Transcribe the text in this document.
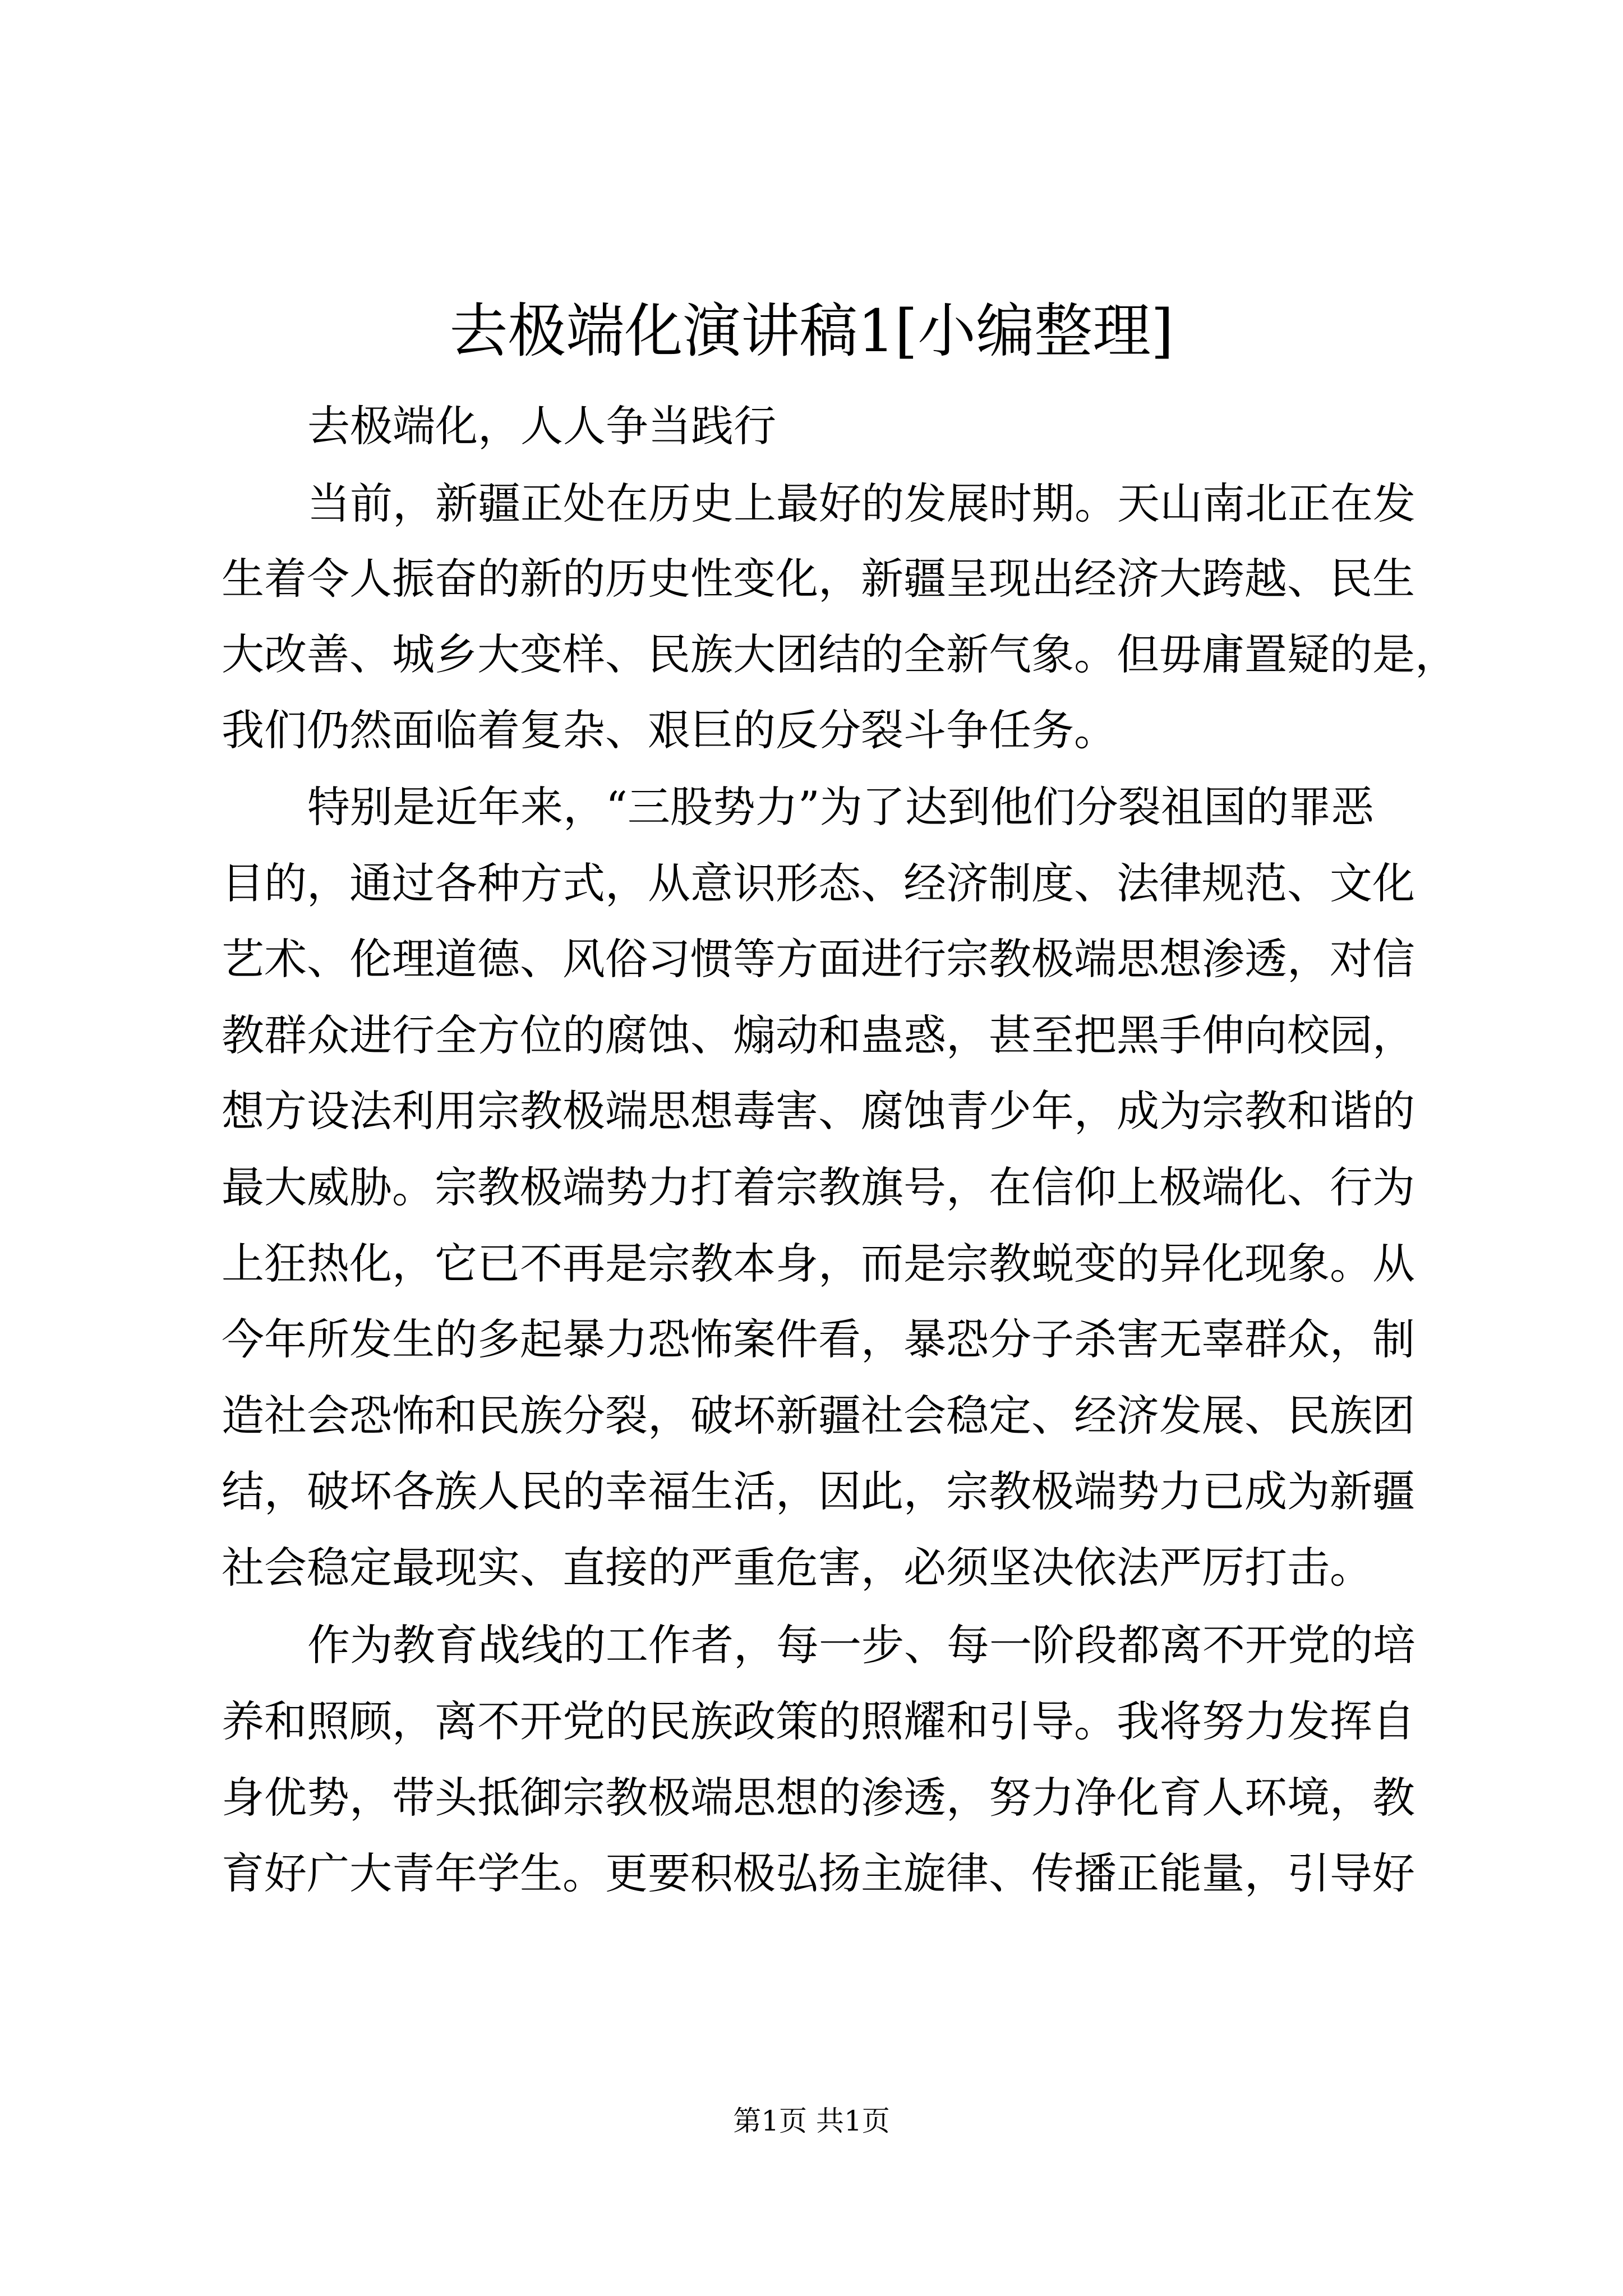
去极端化演讲稿1[小编整理]
去极端化，人人争当践行
当前，新疆正处在历史上最好的发展时期。天山南北正在发
生着令人振奋的新的历史性变化，新疆呈现出经济大跨越、民生
大改善、城乡大变样、民族大团结的全新气象。但毋庸置疑的是，
我们仍然面临着复杂、艰巨的反分裂斗争任务。
特别是近年来，“三股势力”为了达到他们分裂祖国的罪恶
目的，通过各种方式，从意识形态、经济制度、法律规范、文化
艺术、伦理道德、风俗习惯等方面进行宗教极端思想渗透，对信
教群众进行全方位的腐蚀、煽动和蛊惑，甚至把黑手伸向校园，
想方设法利用宗教极端思想毒害、腐蚀青少年，成为宗教和谐的
最大威胁。宗教极端势力打着宗教旗号，在信仰上极端化、行为
上狂热化，它已不再是宗教本身，而是宗教蜕变的异化现象。从
今年所发生的多起暴力恐怖案件看，暴恐分子杀害无辜群众，制
造社会恐怖和民族分裂，破坏新疆社会稳定、经济发展、民族团
结，破坏各族人民的幸福生活，因此，宗教极端势力已成为新疆
社会稳定最现实、直接的严重危害，必须坚决依法严厉打击。
作为教育战线的工作者，每一步、每一阶段都离不开党的培
养和照顾，离不开党的民族政策的照耀和引导。我将努力发挥自
身优势，带头抵御宗教极端思想的渗透，努力净化育人环境，教
育好广大青年学生。更要积极弘扬主旋律、传播正能量，引导好
第1页 共1页
